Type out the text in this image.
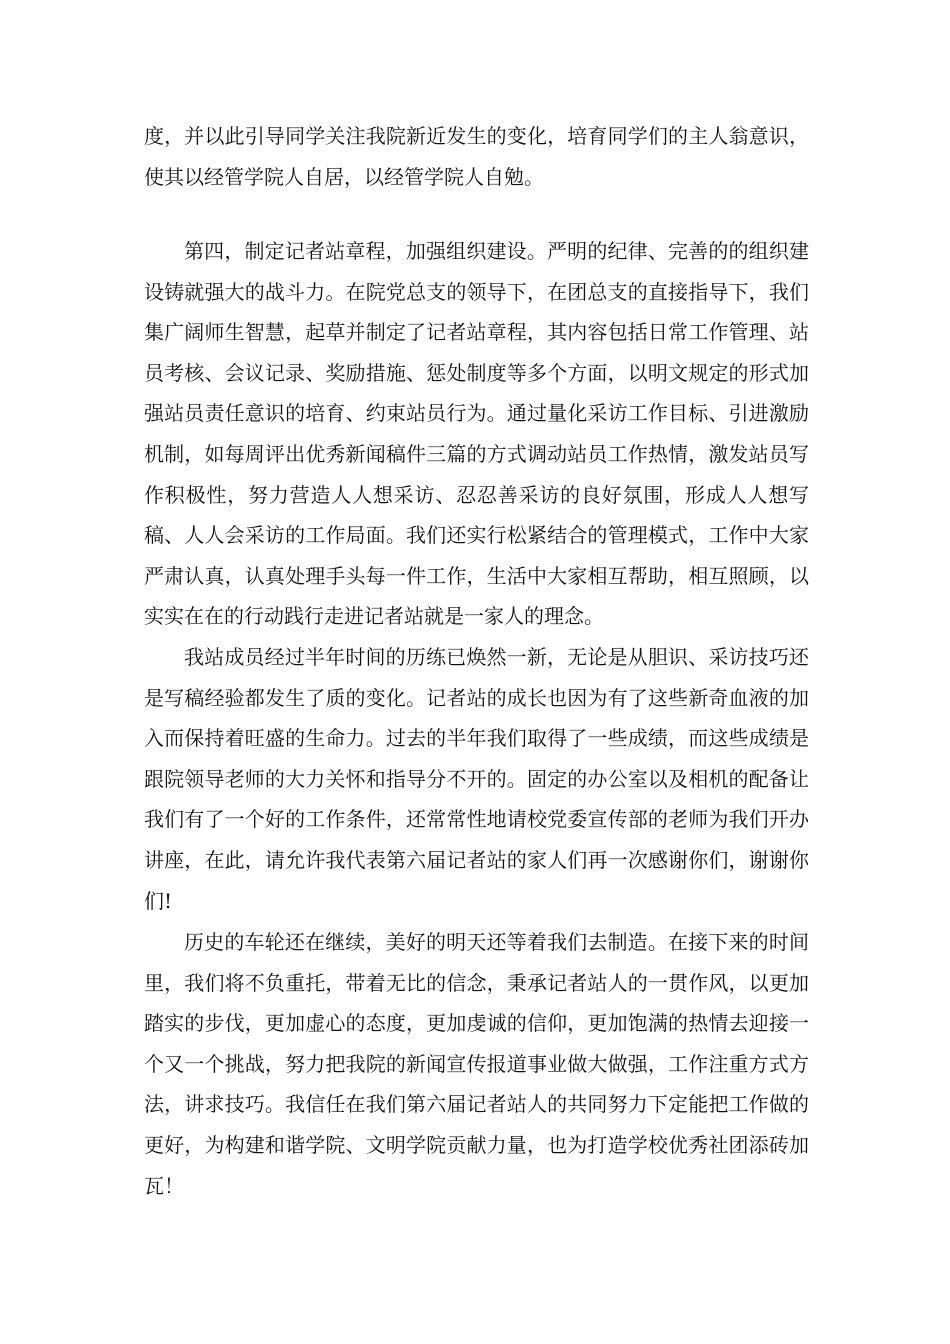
度，并以此引导同学关注我院新近发生的变化，培育同学们的主人翁意识，使其以经管学院人自居，以经管学院人自勉。

第四，制定记者站章程，加强组织建设。严明的纪律、完善的的组织建设铸就强大的战斗力。在院党总支的领导下，在团总支的直接指导下，我们集广阔师生智慧，起草并制定了记者站章程，其内容包括日常工作管理、站员考核、会议记录、奖励措施、惩处制度等多个方面，以明文规定的形式加强站员责任意识的培育、约束站员行为。通过量化采访工作目标、引进激励机制，如每周评出优秀新闻稿件三篇的方式调动站员工作热情，激发站员写作积极性，努力营造人人想采访、忍忍善采访的良好氛围，形成人人想写稿、人人会采访的工作局面。我们还实行松紧结合的管理模式，工作中大家严肃认真，认真处理手头每一件工作，生活中大家相互帮助，相互照顾，以实实在在的行动践行走进记者站就是一家人的理念。

我站成员经过半年时间的历练已焕然一新，无论是从胆识、采访技巧还是写稿经验都发生了质的变化。记者站的成长也因为有了这些新奇血液的加入而保持着旺盛的生命力。过去的半年我们取得了一些成绩，而这些成绩是跟院领导老师的大力关怀和指导分不开的。固定的办公室以及相机的配备让我们有了一个好的工作条件，还常常性地请校党委宣传部的老师为我们开办讲座，在此，请允许我代表第六届记者站的家人们再一次感谢你们，谢谢你们!

历史的车轮还在继续，美好的明天还等着我们去制造。在接下来的时间里，我们将不负重托，带着无比的信念，秉承记者站人的一贯作风，以更加踏实的步伐，更加虚心的态度，更加虔诚的信仰，更加饱满的热情去迎接一个又一个挑战，努力把我院的新闻宣传报道事业做大做强，工作注重方式方法，讲求技巧。我信任在我们第六届记者站人的共同努力下定能把工作做的更好，为构建和谐学院、文明学院贡献力量，也为打造学校优秀社团添砖加瓦！
